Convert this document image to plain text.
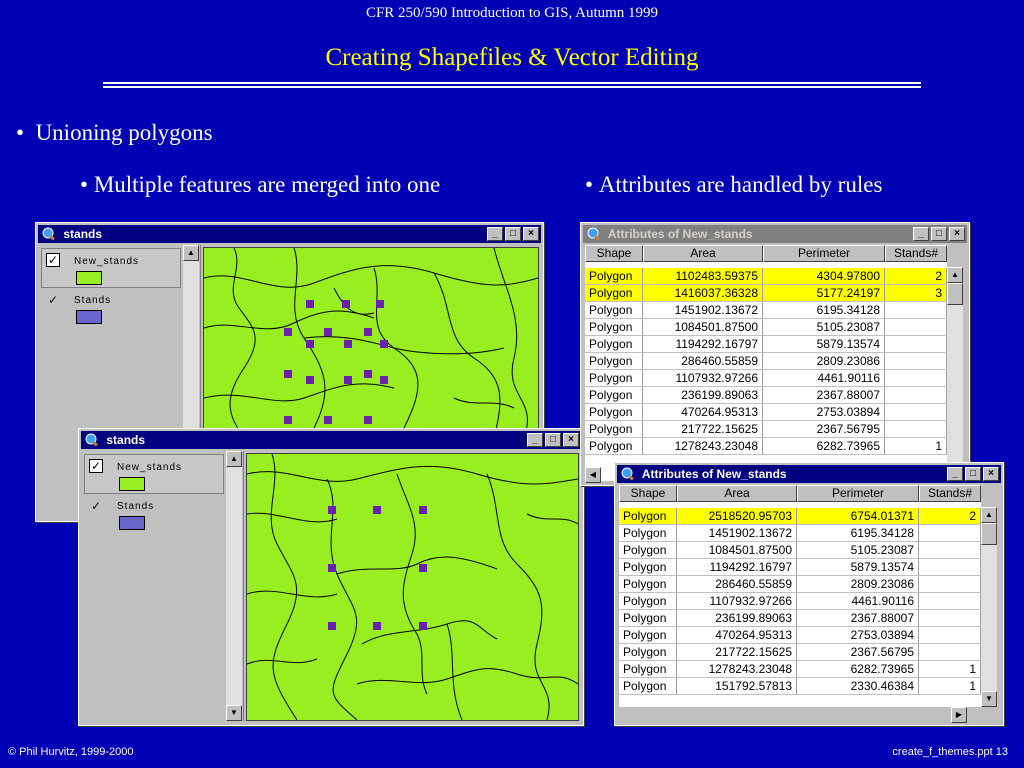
CFR 250/590 Introduction to GIS, Autumn 1999
Creating Shapefiles & Vector Editing
•  Unioning polygons
• Multiple features are merged into one	• Attributes are handled by rules
stands	_ □ ×
✓ New_stands
✓ Stands
▲
stands	_ □ ×
✓ New_stands
✓ Stands
▲
▼
Attributes of New_stands	_ □ ×
Shape	Area	Perimeter	Stands#
Polygon	1102483.59375	4304.97800	2
Polygon	1416037.36328	5177.24197	3
Polygon	1451902.13672	6195.34128
Polygon	1084501.87500	5105.23087
Polygon	1194292.16797	5879.13574
Polygon	286460.55859	2809.23086
Polygon	1107932.97266	4461.90116
Polygon	236199.89063	2367.88007
Polygon	470264.95313	2753.03894
Polygon	217722.15625	2367.56795
Polygon	1278243.23048	6282.73965	1
▲
◀	Attributes of New_stands	_ □ ×
Shape	Area	Perimeter	Stands#
Polygon	2518520.95703	6754.01371	2
Polygon	1451902.13672	6195.34128
Polygon	1084501.87500	5105.23087
Polygon	1194292.16797	5879.13574
Polygon	286460.55859	2809.23086
Polygon	1107932.97266	4461.90116
Polygon	236199.89063	2367.88007
Polygon	470264.95313	2753.03894
Polygon	217722.15625	2367.56795
Polygon	1278243.23048	6282.73965	1
Polygon	151792.57813	2330.46384	1
▲
▼
▶
© Phil Hurvitz, 1999-2000	create_f_themes.ppt 13
